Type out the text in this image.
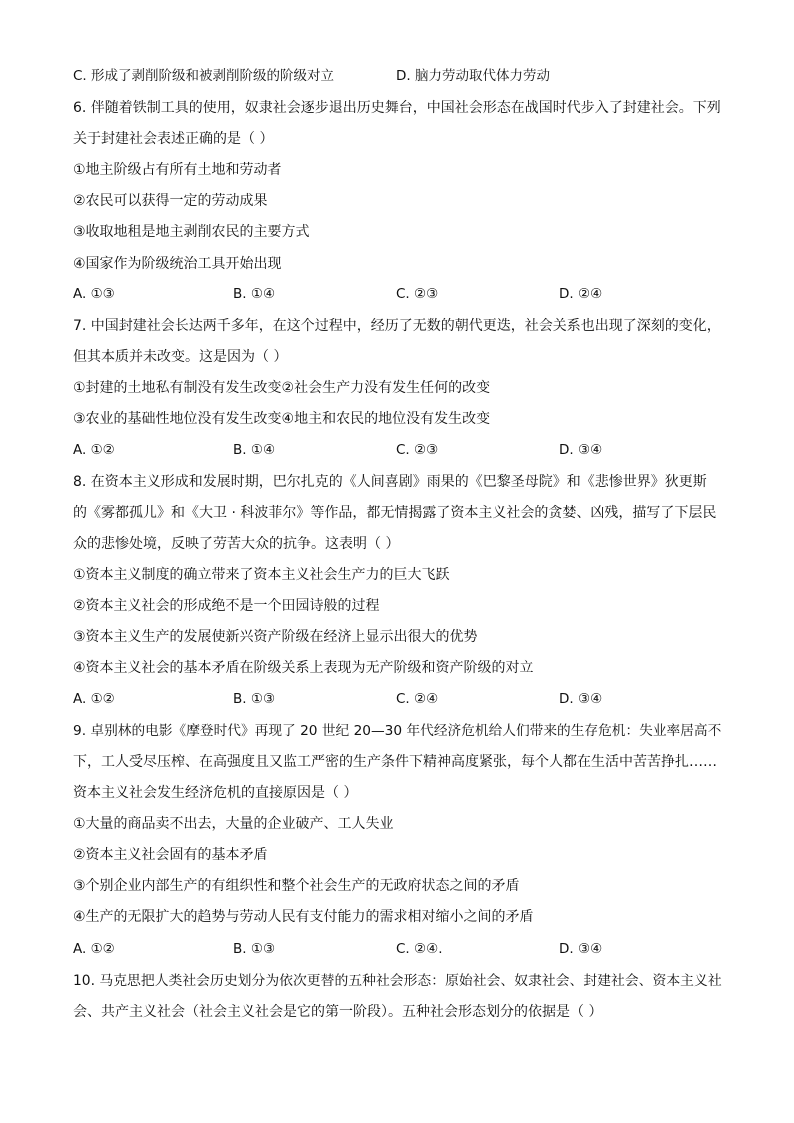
C. 形成了剥削阶级和被剥削阶级的阶级对立	D. 脑力劳动取代体力劳动
6. 伴随着铁制工具的使用，奴隶社会逐步退出历史舞台，中国社会形态在战国时代步入了封建社会。下列
关于封建社会表述正确的是（ ）
①地主阶级占有所有土地和劳动者
②农民可以获得一定的劳动成果
③收取地租是地主剥削农民的主要方式
④国家作为阶级统治工具开始出现
A. ①③	B. ①④	C. ②③	D. ②④
7. 中国封建社会长达两千多年，在这个过程中，经历了无数的朝代更迭，社会关系也出现了深刻的变化，
但其本质并未改变。这是因为（ ）
①封建的土地私有制没有发生改变②社会生产力没有发生任何的改变
③农业的基础性地位没有发生改变④地主和农民的地位没有发生改变
A. ①②	B. ①④	C. ②③	D. ③④
8. 在资本主义形成和发展时期，巴尔扎克的《人间喜剧》雨果的《巴黎圣母院》和《悲惨世界》狄更斯
的《雾都孤儿》和《大卫 · 科波菲尔》等作品，都无情揭露了资本主义社会的贪婪、凶残，描写了下层民
众的悲惨处境，反映了劳苦大众的抗争。这表明（ ）
①资本主义制度的确立带来了资本主义社会生产力的巨大飞跃
②资本主义社会的形成绝不是一个田园诗般的过程
③资本主义生产的发展使新兴资产阶级在经济上显示出很大的优势
④资本主义社会的基本矛盾在阶级关系上表现为无产阶级和资产阶级的对立
A. ①②	B. ①③	C. ②④	D. ③④
9. 卓别林的电影《摩登时代》再现了 20 世纪 20—30 年代经济危机给人们带来的生存危机：失业率居高不
下，工人受尽压榨、在高强度且又监工严密的生产条件下精神高度紧张，每个人都在生活中苦苦挣扎……
资本主义社会发生经济危机的直接原因是（ ）
①大量的商品卖不出去，大量的企业破产、工人失业
②资本主义社会固有的基本矛盾
③个别企业内部生产的有组织性和整个社会生产的无政府状态之间的矛盾
④生产的无限扩大的趋势与劳动人民有支付能力的需求相对缩小之间的矛盾
A. ①②	B. ①③	C. ②④.	D. ③④
10. 马克思把人类社会历史划分为依次更替的五种社会形态：原始社会、奴隶社会、封建社会、资本主义社
会、共产主义社会（社会主义社会是它的第一阶段）。五种社会形态划分的依据是（ ）
